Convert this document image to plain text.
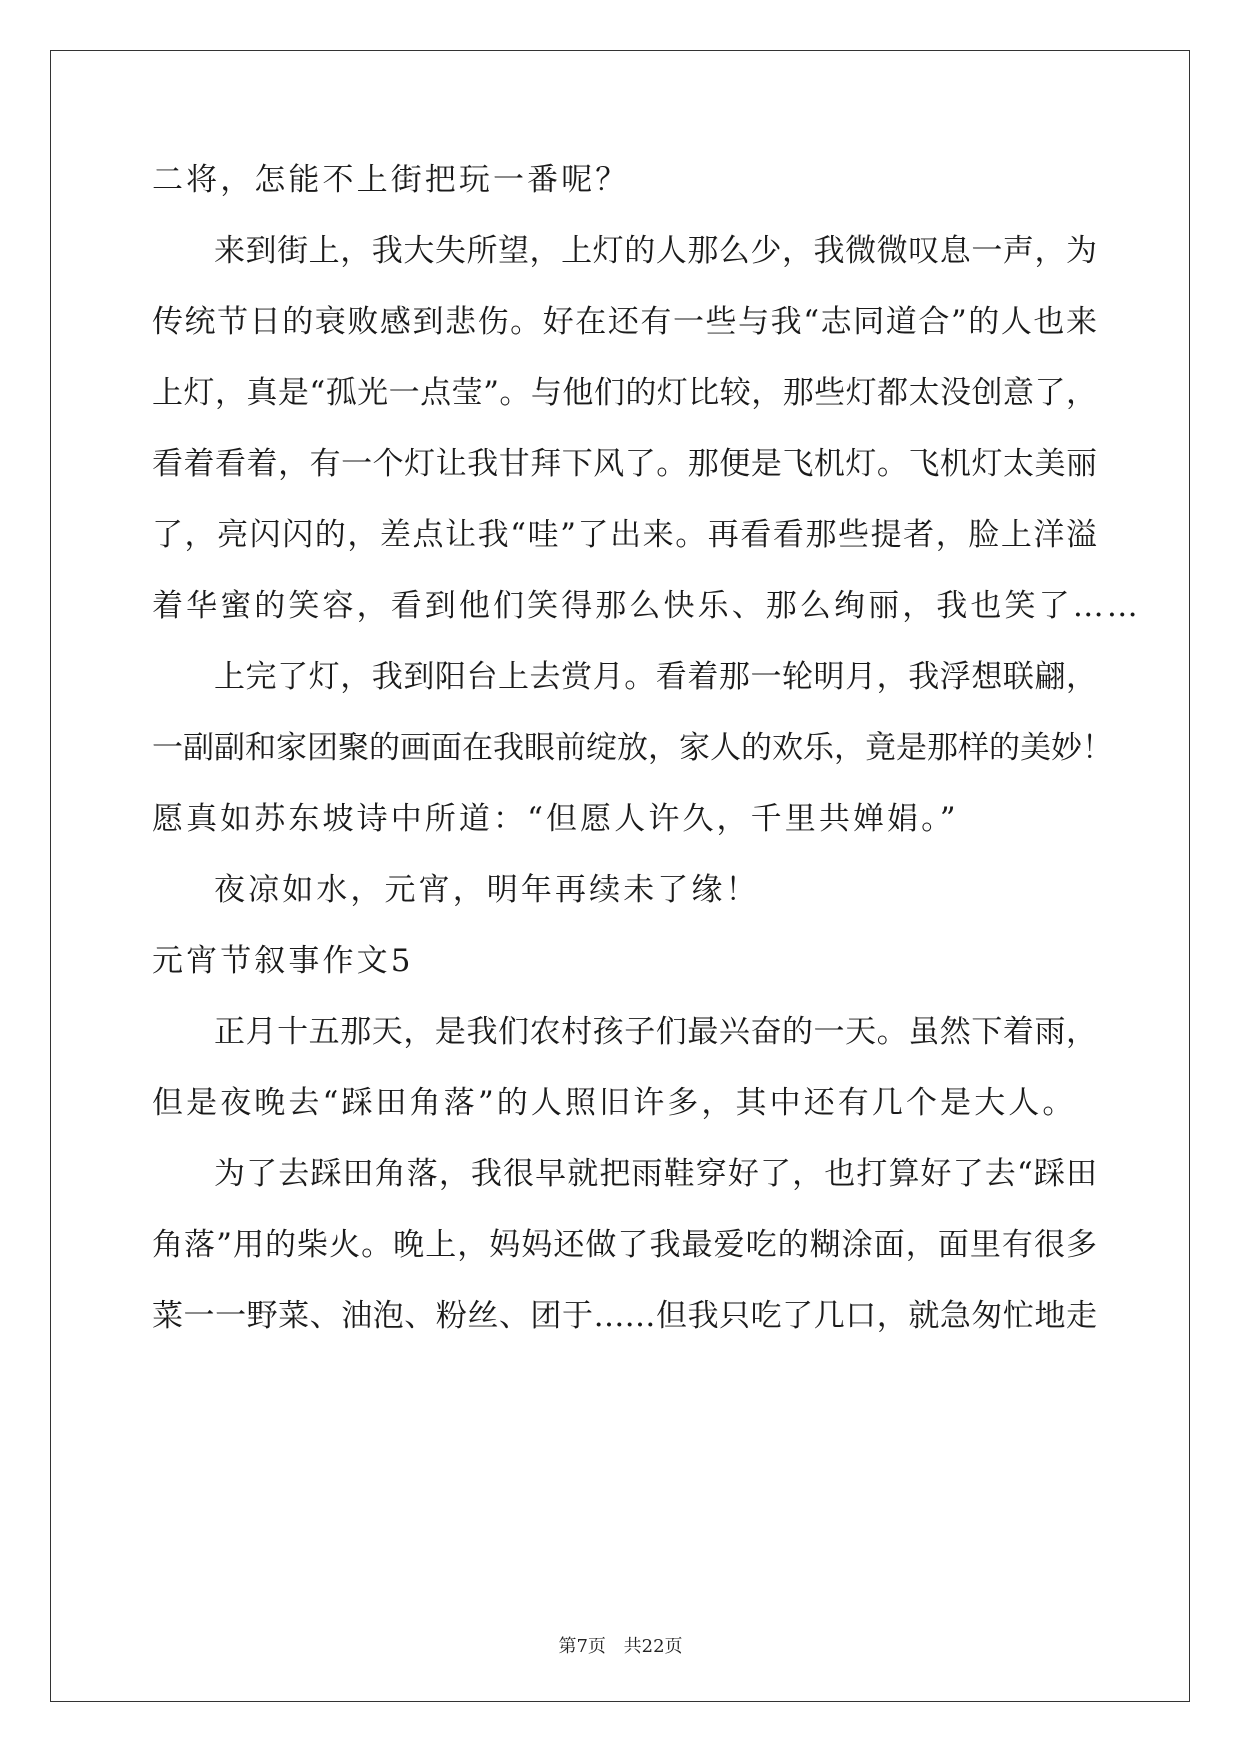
二将，怎能不上街把玩一番呢？
来到街上，我大失所望，上灯的人那么少，我微微叹息一声，为
传统节日的衰败感到悲伤。好在还有一些与我“志同道合”的人也来
上灯，真是“孤光一点莹”。与他们的灯比较，那些灯都太没创意了，
看着看着，有一个灯让我甘拜下风了。那便是飞机灯。飞机灯太美丽
了，亮闪闪的，差点让我“哇”了出来。再看看那些提者，脸上洋溢
着华蜜的笑容，看到他们笑得那么快乐、那么绚丽，我也笑了……
上完了灯，我到阳台上去赏月。看着那一轮明月，我浮想联翩，
一副副和家团聚的画面在我眼前绽放，家人的欢乐，竟是那样的美妙！
愿真如苏东坡诗中所道：“但愿人许久，千里共婵娟。”
夜凉如水，元宵，明年再续未了缘！
元宵节叙事作文5
正月十五那天，是我们农村孩子们最兴奋的一天。虽然下着雨，
但是夜晚去“踩田角落”的人照旧许多，其中还有几个是大人。
为了去踩田角落，我很早就把雨鞋穿好了，也打算好了去“踩田
角落”用的柴火。晚上，妈妈还做了我最爱吃的糊涂面，面里有很多
菜一一野菜、油泡、粉丝、团于……但我只吃了几口，就急匆忙地走
第7页 共22页
